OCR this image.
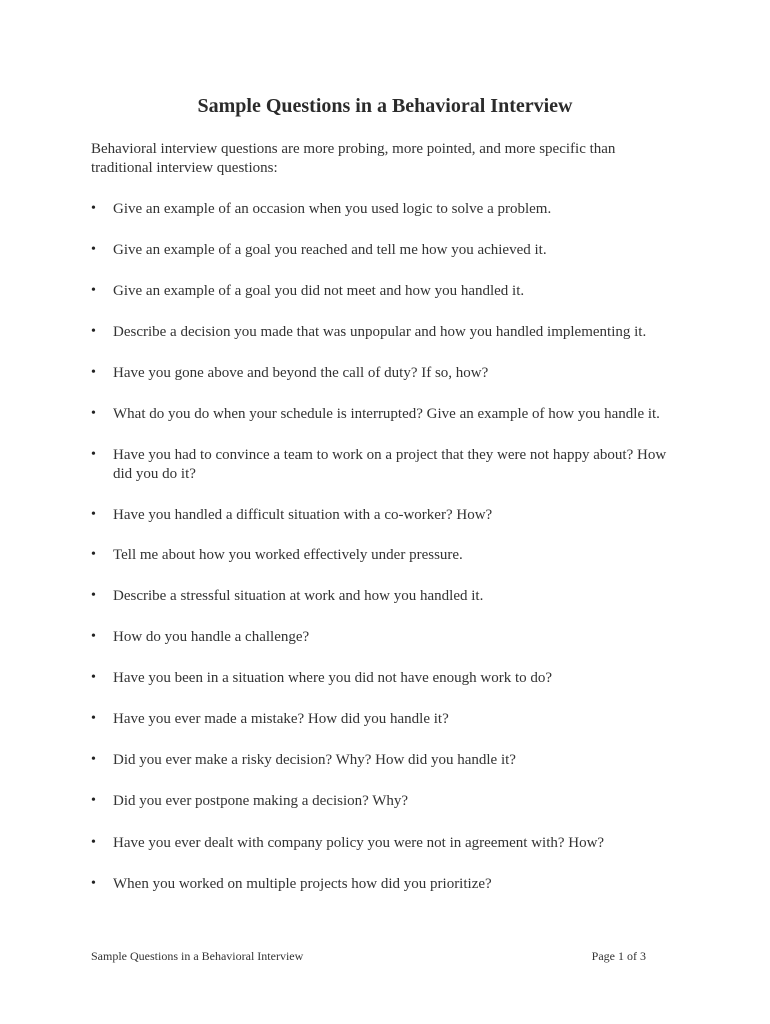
Sample Questions in a Behavioral Interview
Behavioral interview questions are more probing, more pointed, and more specific than traditional interview questions:
•	Give an example of an occasion when you used logic to solve a problem.
•	Give an example of a goal you reached and tell me how you achieved it.
•	Give an example of a goal you did not meet and how you handled it.
•	Describe a decision you made that was unpopular and how you handled implementing it.
•	Have you gone above and beyond the call of duty? If so, how?
•	What do you do when your schedule is interrupted? Give an example of how you handle it.
•	Have you had to convince a team to work on a project that they were not happy about? How did you do it?
•	Have you handled a difficult situation with a co-worker? How?
•	Tell me about how you worked effectively under pressure.
•	Describe a stressful situation at work and how you handled it.
•	How do you handle a challenge?
•	Have you been in a situation where you did not have enough work to do?
•	Have you ever made a mistake? How did you handle it?
•	Did you ever make a risky decision? Why? How did you handle it?
•	Did you ever postpone making a decision? Why?
•	Have you ever dealt with company policy you were not in agreement with? How?
•	When you worked on multiple projects how did you prioritize?
Sample Questions in a Behavioral Interview	Page 1 of 3
